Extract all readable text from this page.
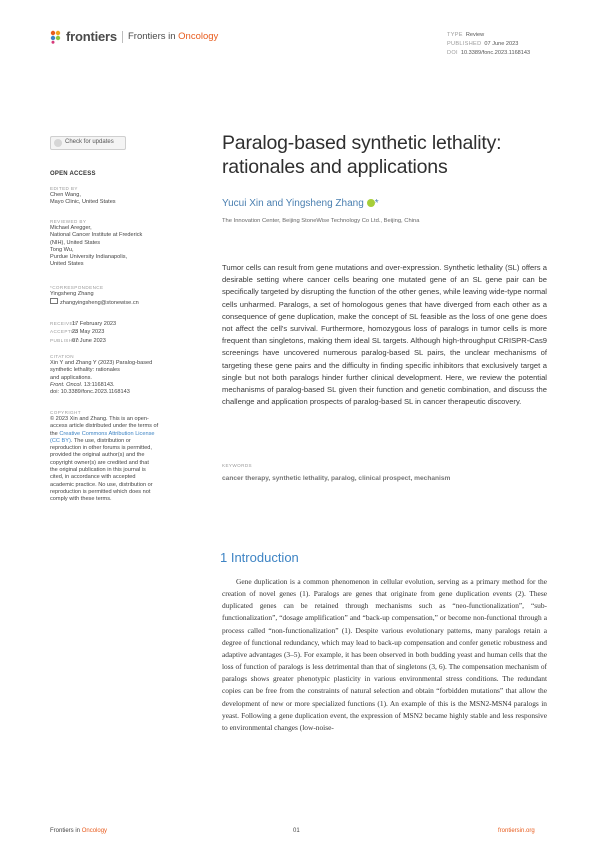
frontiers Frontiers in Oncology	TYPE Review
PUBLISHED 07 June 2023
DOI 10.3389/fonc.2023.1168143
Check for updates
OPEN ACCESS
EDITED BY
Chen Wang,
Mayo Clinic, United States
REVIEWED BY
Michael Aregger,
National Cancer Institute at Frederick
(NIH), United States
Tong Wu,
Purdue University Indianapolis,
United States
*CORRESPONDENCE
Yingsheng Zhang
zhangyingsheng@stonewise.cn
RECEIVED17 February 2023
ACCEPTED23 May 2023
PUBLISHED07 June 2023
CITATION
Xin Y and Zhang Y (2023) Paralog-based
synthetic lethality: rationales
and applications.
Front. Oncol. 13:1168143.
doi: 10.3389/fonc.2023.1168143
COPYRIGHT
© 2023 Xin and Zhang. This is an open-
access article distributed under the terms of
the Creative Commons Attribution License
(CC BY). The use, distribution or
reproduction in other forums is permitted,
provided the original author(s) and the
copyright owner(s) are credited and that
the original publication in this journal is
cited, in accordance with accepted
academic practice. No use, distribution or
reproduction is permitted which does not
comply with these terms.
Paralog-based synthetic lethality:
rationales and applications
Yucui Xin and Yingsheng Zhang *
The Innovation Center, Beijing StoneWise Technology Co Ltd., Beijing, China
Tumor cells can result from gene mutations and over-expression. Synthetic lethality (SL) offers a desirable setting where cancer cells bearing one mutated gene of an SL gene pair can be specifically targeted by disrupting the function of the other genes, while leaving wide-type normal cells unharmed. Paralogs, a set of homologous genes that have diverged from each other as a consequence of gene duplication, make the concept of SL feasible as the loss of one gene does not affect the cell's survival. Furthermore, homozygous loss of paralogs in tumor cells is more frequent than singletons, making them ideal SL targets. Although high-throughput CRISPR-Cas9 screenings have uncovered numerous paralog-based SL pairs, the unclear mechanisms of targeting these gene pairs and the difficulty in finding specific inhibitors that exclusively target a single but not both paralogs hinder further clinical development. Here, we review the potential mechanisms of paralog-based SL given their function and genetic combination, and discuss the challenge and application prospects of paralog-based SL in cancer therapeutic discovery.
KEYWORDS
cancer therapy, synthetic lethality, paralog, clinical prospect, mechanism
1 Introduction

Gene duplication is a common phenomenon in cellular evolution, serving as a primary method for the creation of novel genes (1). Paralogs are genes that originate from gene duplication events (2). These duplicated genes can be retained through mechanisms such as “neo-functionalization”, “sub-functionalization”, “dosage amplification” and “back-up compensation,” or become non-functional through a process called “non-functionalization” (1). Despite various evolutionary patterns, many paralogs retain a degree of functional redundancy, which may lead to back-up compensation and confer genetic robustness and adaptive advantages (3–5). For example, it has been observed in both budding yeast and human cells that the loss of function of paralogs is less detrimental than that of singletons (3, 6). The compensation mechanism of paralogs shows greater phenotypic plasticity in various environmental stress conditions. The redundant copies can be free from the constraints of natural selection and obtain “forbidden mutations” that allow the development of new or more specialized functions (1). An example of this is the MSN2-MSN4 paralogs in yeast. Following a gene duplication event, the expression of MSN2 became highly stable and less responsive to environmental changes (low-noise-

Frontiers in Oncology	01	frontiersin.org
